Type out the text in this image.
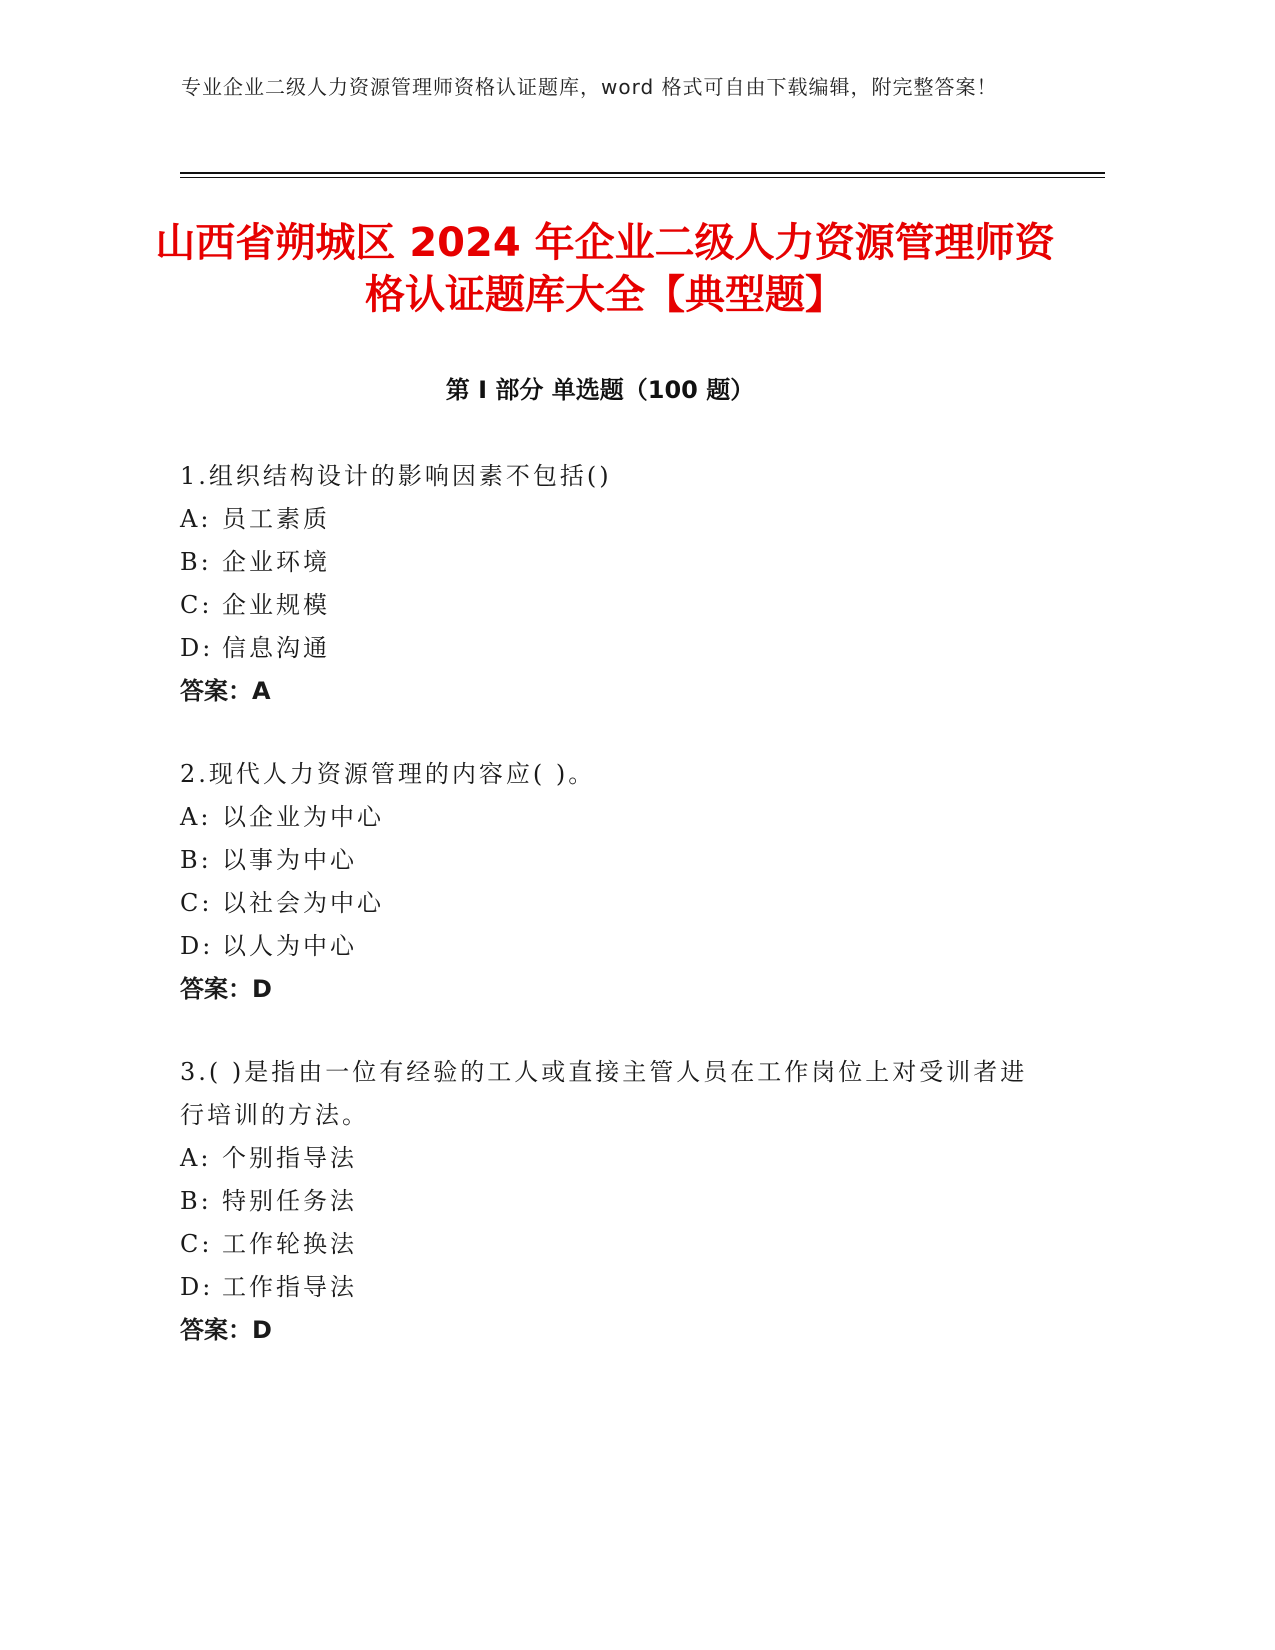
专业企业二级人力资源管理师资格认证题库，word 格式可自由下载编辑，附完整答案！
山西省朔城区 2024 年企业二级人力资源管理师资格认证题库大全【典型题】
第 I 部分 单选题（100 题）
1.组织结构设计的影响因素不包括()
A: 员工素质
B: 企业环境
C: 企业规模
D: 信息沟通
答案：A
2.现代人力资源管理的内容应( )。
A: 以企业为中心
B: 以事为中心
C: 以社会为中心
D: 以人为中心
答案：D
3.( )是指由一位有经验的工人或直接主管人员在工作岗位上对受训者进行培训的方法。
A: 个别指导法
B: 特别任务法
C: 工作轮换法
D: 工作指导法
答案：D
